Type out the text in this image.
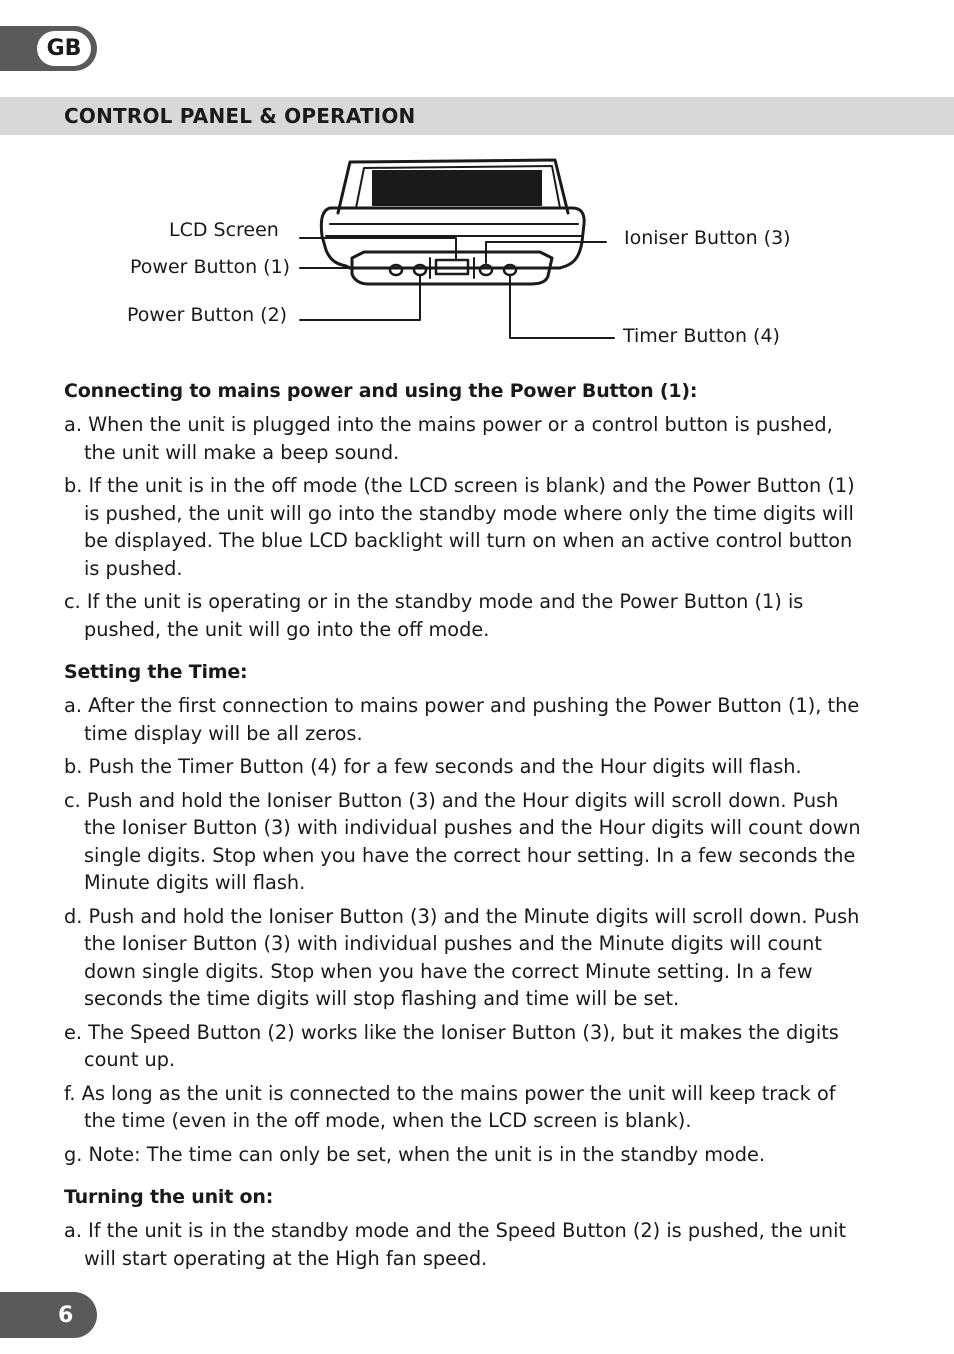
GB
CONTROL PANEL & OPERATION
LCD Screen
Power Button (1)
Power Button (2)
Ioniser Button (3)
Timer Button (4)
Connecting to mains power and using the Power Button (1):
a. When the unit is plugged into the mains power or a control button is pushed, the unit will make a beep sound.
b. If the unit is in the off mode (the LCD screen is blank) and the Power Button (1) is pushed, the unit will go into the standby mode where only the time digits will be displayed. The blue LCD backlight will turn on when an active control button is pushed.
c. If the unit is operating or in the standby mode and the Power Button (1) is pushed, the unit will go into the off mode.
Setting the Time:
a. After the first connection to mains power and pushing the Power Button (1), the time display will be all zeros.
b. Push the Timer Button (4) for a few seconds and the Hour digits will flash.
c. Push and hold the Ioniser Button (3) and the Hour digits will scroll down. Push the Ioniser Button (3) with individual pushes and the Hour digits will count down single digits. Stop when you have the correct hour setting. In a few seconds the Minute digits will flash.
d. Push and hold the Ioniser Button (3) and the Minute digits will scroll down. Push the Ioniser Button (3) with individual pushes and the Minute digits will count down single digits. Stop when you have the correct Minute setting. In a few seconds the time digits will stop flashing and time will be set.
e. The Speed Button (2) works like the Ioniser Button (3), but it makes the digits count up.
f. As long as the unit is connected to the mains power the unit will keep track of the time (even in the off mode, when the LCD screen is blank).
g. Note: The time can only be set, when the unit is in the standby mode.
Turning the unit on:
a. If the unit is in the standby mode and the Speed Button (2) is pushed, the unit will start operating at the High fan speed.
6
